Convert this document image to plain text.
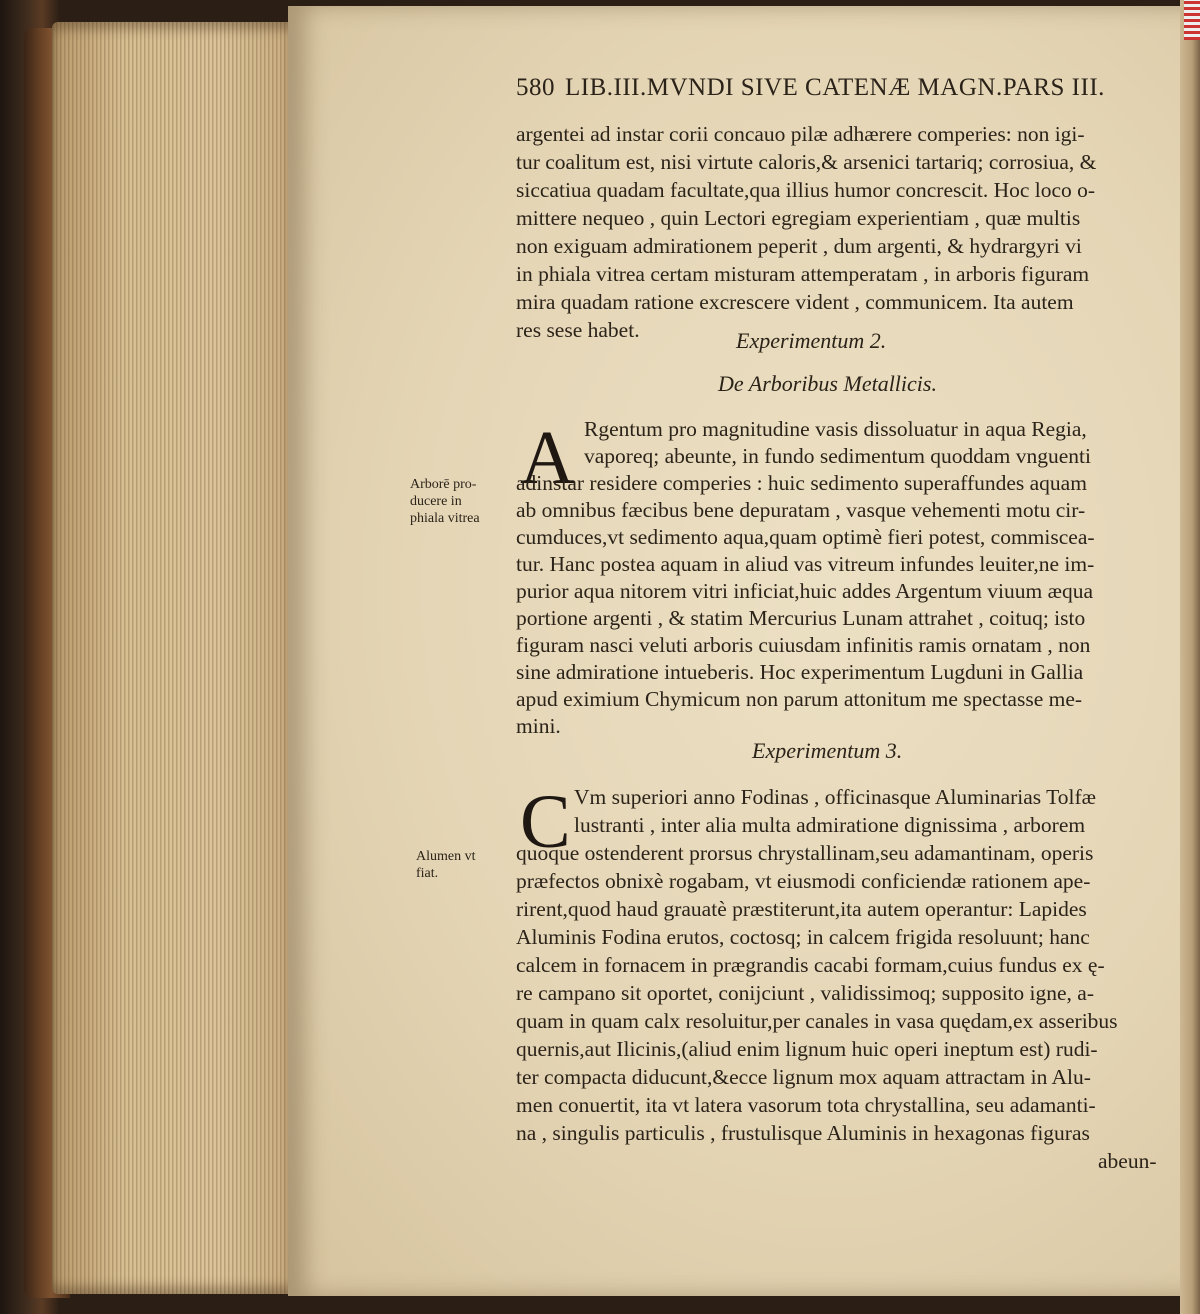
580 LIB.III.MVNDI SIVE CATENÆ MAGN.PARS III.
argentei ad instar corii concauo pilæ adhærere comperies: non igi-
tur coalitum est, nisi virtute caloris,& arsenici tartariq; corrosiua, &
siccatiua quadam facultate,qua illius humor concrescit. Hoc loco o-
mittere nequeo , quin Lectori egregiam experientiam , quæ multis
non exiguam admirationem peperit , dum argenti, & hydrargyri vi
in phiala vitrea certam misturam attemperatam , in arboris figuram
mira quadam ratione excrescere vident , communicem. Ita autem
res sese habet.	Experimentum 2.
De Arboribus Metallicis.
A Rgentum pro magnitudine vasis dissoluatur in aqua Regia,
vaporeq; abeunte, in fundo sedimentum quoddam vnguenti
adinstar residere comperies : huic sedimento superaffundes aquam
ab omnibus fæcibus bene depuratam , vasque vehementi motu cir-
cumduces,vt sedimento aqua,quam optimè fieri potest, commiscea-
tur. Hanc postea aquam in aliud vas vitreum infundes leuiter,ne im-
purior aqua nitorem vitri inficiat,huic addes Argentum viuum æqua
portione argenti , & statim Mercurius Lunam attrahet , coituq; isto
figuram nasci veluti arboris cuiusdam infinitis ramis ornatam , non
sine admiratione intueberis. Hoc experimentum Lugduni in Gallia
apud eximium Chymicum non parum attonitum me spectasse me-
mini.
Arborē pro-
ducere in
phiala vitrea
Experimentum 3.
C Vm superiori anno Fodinas , officinasque Aluminarias Tolfæ
lustranti , inter alia multa admiratione dignissima , arborem
quoque ostenderent prorsus chrystallinam,seu adamantinam, operis
præfectos obnixè rogabam, vt eiusmodi conficiendæ rationem ape-
rirent,quod haud grauatè præstiterunt,ita autem operantur: Lapides
Aluminis Fodina erutos, coctosq; in calcem frigida resoluunt; hanc
calcem in fornacem in prægrandis cacabi formam,cuius fundus ex ę-
re campano sit oportet, conijciunt , validissimoq; supposito igne, a-
quam in quam calx resoluitur,per canales in vasa quędam,ex asseribus
quernis,aut Ilicinis,(aliud enim lignum huic operi ineptum est) rudi-
ter compacta diducunt,&ecce lignum mox aquam attractam in Alu-
men conuertit, ita vt latera vasorum tota chrystallina, seu adamanti-
na , singulis particulis , frustulisque Aluminis in hexagonas figuras
abeun-
Alumen vt
fiat.
